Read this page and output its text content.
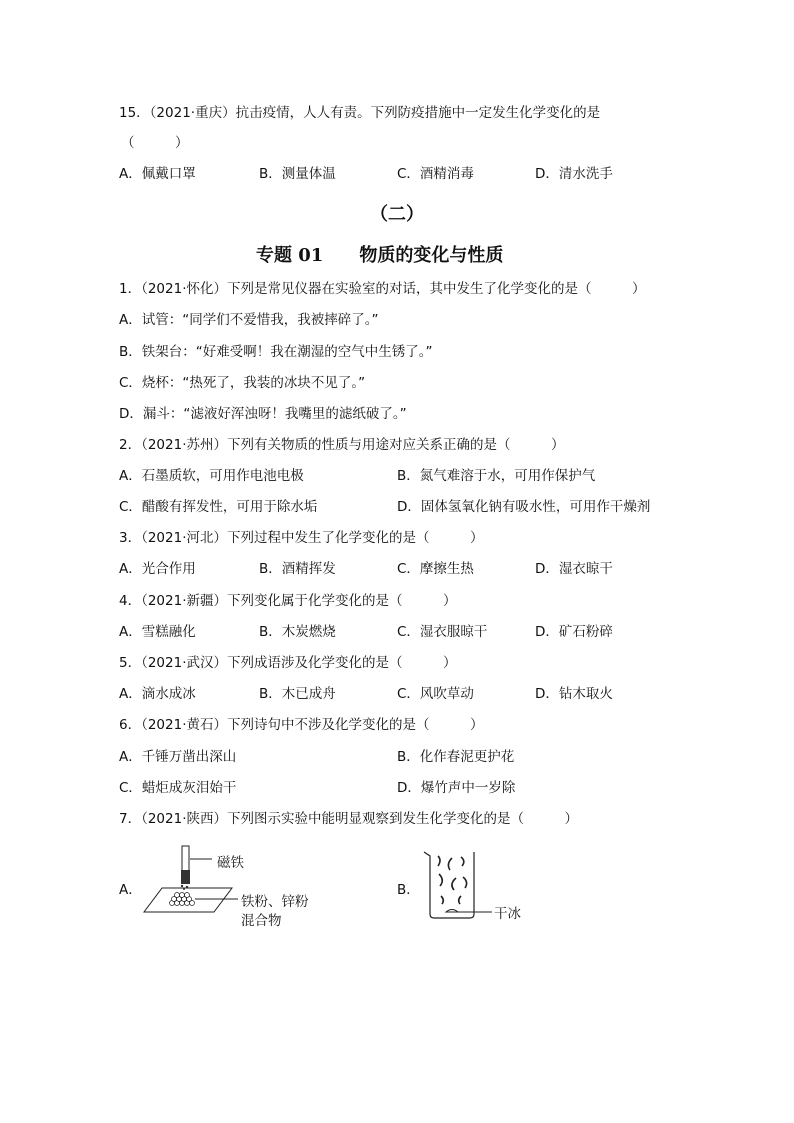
15．（2021·重庆）抗击疫情，人人有责。下列防疫措施中一定发生化学变化的是
（　　　）
A．佩戴口罩	B．测量体温	C．酒精消毒	D．清水洗手
（二）
专题 01　　物质的变化与性质
1．（2021·怀化）下列是常见仪器在实验室的对话，其中发生了化学变化的是（　　　）
A．试管：“同学们不爱惜我，我被摔碎了。”
B．铁架台：“好难受啊！我在潮湿的空气中生锈了。”
C．烧杯：“热死了，我装的冰块不见了。”
D．漏斗：“滤液好浑浊呀！我嘴里的滤纸破了。”
2．（2021·苏州）下列有关物质的性质与用途对应关系正确的是（　　　）
A．石墨质软，可用作电池电极	B．氮气难溶于水，可用作保护气
C．醋酸有挥发性，可用于除水垢	D．固体氢氧化钠有吸水性，可用作干燥剂
3．（2021·河北）下列过程中发生了化学变化的是（　　　）
A．光合作用	B．酒精挥发	C．摩擦生热	D．湿衣晾干
4．（2021·新疆）下列变化属于化学变化的是（　　　）
A．雪糕融化	B．木炭燃烧	C．湿衣服晾干	D．矿石粉碎
5．（2021·武汉）下列成语涉及化学变化的是（　　　）
A．滴水成冰	B．木已成舟	C．风吹草动	D．钻木取火
6．（2021·黄石）下列诗句中不涉及化学变化的是（　　　）
A．千锤万凿出深山	B．化作春泥更护花
C．蜡炬成灰泪始干	D．爆竹声中一岁除
7．（2021·陕西）下列图示实验中能明显观察到发生化学变化的是（　　　）
A．
磁铁
铁粉、锌粉
混合物
B．
干冰
